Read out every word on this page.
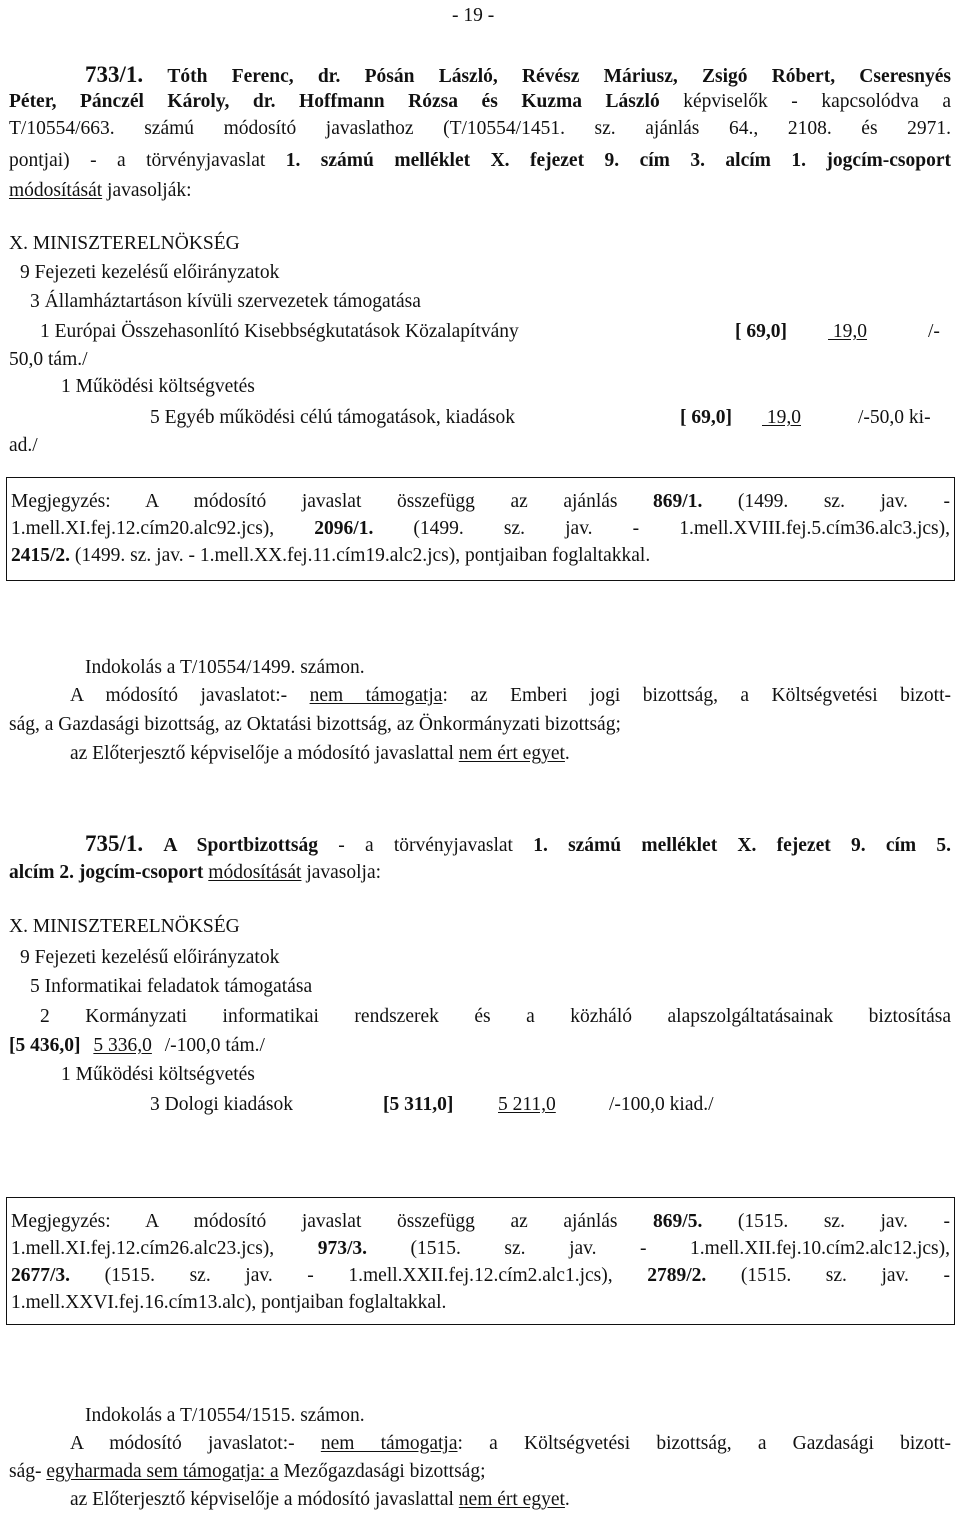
- 19 -
733/1. Tóth Ferenc, dr. Pósán László, Révész Máriusz, Zsigó Róbert, Cseresnyés
Péter, Pánczél Károly, dr. Hoffmann Rózsa és Kuzma László képviselők - kapcsolódva a
T/10554/663. számú módosító javaslathoz (T/10554/1451. sz. ajánlás 64., 2108. és 2971.
pontjai) - a törvényjavaslat 1. számú melléklet X. fejezet 9. cím 3. alcím 1. jogcím-csoport
módosítását javasolják:
X. MINISZTERELNÖKSÉG
9 Fejezeti kezelésű előirányzatok
3 Államháztartáson kívüli szervezetek támogatása
1 Európai Összehasonlító Kisebbségkutatások Közalapítvány	[ 69,0] 19,0	/-
50,0 tám./
1 Működési költségvetés
5 Egyéb működési célú támogatások, kiadások	[ 69,0] 19,0	/-50,0 ki-
ad./
Megjegyzés: A módosító javaslat összefügg az ajánlás 869/1. (1499. sz. jav. -
1.mell.XI.fej.12.cím20.alc92.jcs), 2096/1. (1499. sz. jav. - 1.mell.XVIII.fej.5.cím36.alc3.jcs),
2415/2. (1499. sz. jav. - 1.mell.XX.fej.11.cím19.alc2.jcs), pontjaiban foglaltakkal.
Indokolás a T/10554/1499. számon.
A módosító javaslatot:- nem támogatja: az Emberi jogi bizottság, a Költségvetési bizott-
ság, a Gazdasági bizottság, az Oktatási bizottság, az Önkormányzati bizottság;
az Előterjesztő képviselője a módosító javaslattal nem ért egyet.
735/1. A Sportbizottság - a törvényjavaslat 1. számú melléklet X. fejezet 9. cím 5.
alcím 2. jogcím-csoport módosítását javasolja:
X. MINISZTERELNÖKSÉG
9 Fejezeti kezelésű előirányzatok
5 Informatikai feladatok támogatása
2 Kormányzati informatikai rendszerek és a közháló alapszolgáltatásainak biztosítása
[5 436,0] 5 336,0 /-100,0 tám./
1 Működési költségvetés
3 Dologi kiadások	[5 311,0] 5 211,0	/-100,0 kiad./
Megjegyzés: A módosító javaslat összefügg az ajánlás 869/5. (1515. sz. jav. -
1.mell.XI.fej.12.cím26.alc23.jcs), 973/3. (1515. sz. jav. - 1.mell.XII.fej.10.cím2.alc12.jcs),
2677/3. (1515. sz. jav. - 1.mell.XXII.fej.12.cím2.alc1.jcs), 2789/2. (1515. sz. jav. -
1.mell.XXVI.fej.16.cím13.alc), pontjaiban foglaltakkal.
Indokolás a T/10554/1515. számon.
A módosító javaslatot:- nem támogatja: a Költségvetési bizottság, a Gazdasági bizott-
ság- egyharmada sem támogatja: a Mezőgazdasági bizottság;
az Előterjesztő képviselője a módosító javaslattal nem ért egyet.
